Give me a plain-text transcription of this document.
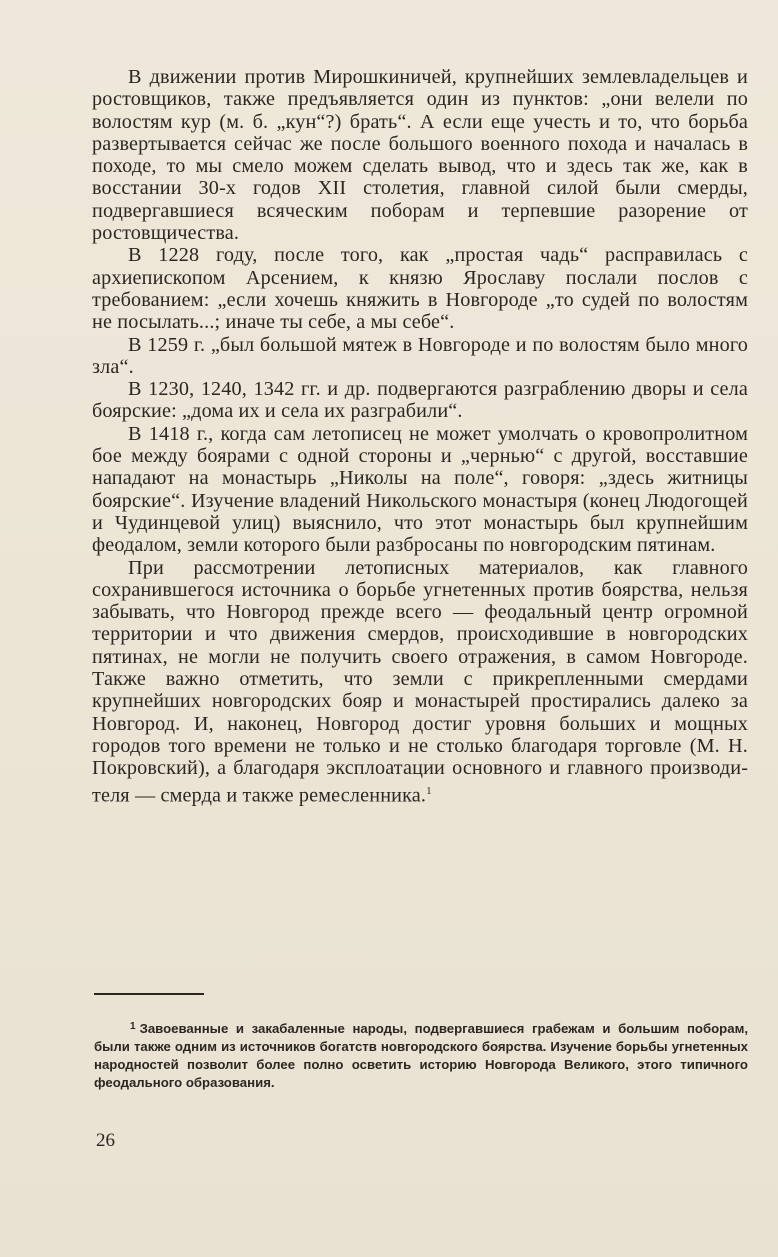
В движении против Мирошкиничей, крупнейших землевладельцев и ростовщиков, также предъявляется один из пунктов: „они велели по волостям кур (м. б. „кун“?) брать“. А если еще учесть и то, что борьба развертывается сейчас же после большого военного похода и началась в походе, то мы смело можем сделать вывод, что и здесь так же, как в восстании 30-х годов XII столетия, главной силой были смерды, подвергавшиеся всяческим поборам и терпевшие разорение от ростовщичества.

В 1228 году, после того, как „простая чадь“ расправилась с архиепископом Арсением, к князю Ярославу послали послов с требованием: „если хочешь княжить в Новгороде „то судей по волостям не посылать...; иначе ты себе, а мы себе“.

В 1259 г. „был большой мятеж в Новгороде и по волостям было много зла“.

В 1230, 1240, 1342 гг. и др. подвергаются разграблению дворы и села боярские: „дома их и села их разграбили“.

В 1418 г., когда сам летописец не может умолчать о кровопролитном бое между боярами с одной стороны и „чернью“ с другой, восставшие нападают на монастырь „Николы на поле“, говоря: „здесь житницы боярские“. Изучение владений Никольского монастыря (конец Людогощей и Чудинцевой улиц) выяснило, что этот монастырь был крупнейшим феодалом, земли которого были разбросаны по новгородским пятинам.

При рассмотрении летописных материалов, как главного сохранившегося источника о борьбе угнетенных против боярства, нельзя забывать, что Новгород прежде всего — феодальный центр огромной территории и что движения смердов, происходившие в новгородских пятинах, не могли не получить своего отражения, в самом Новгороде. Также важно отметить, что земли с прикрепленными смердами крупнейших новгородских бояр и монастырей простирались далеко за Новгород. И, наконец, Новгород достиг уровня больших и мощных городов того времени не только и не столько благодаря торговле (М. Н. Покровский), а благодаря эксплоатации основного и главного производителя — смерда и также ремесленника.$^1$

$^1$ Завоеванные и закабаленные народы, подвергавшиеся грабежам и большим поборам, были также одним из источников богатств новгородского боярства. Изучение борьбы угнетенных народностей позволит более полно осветить историю Новгорода Великого, этого типичного феодального образования.
26
